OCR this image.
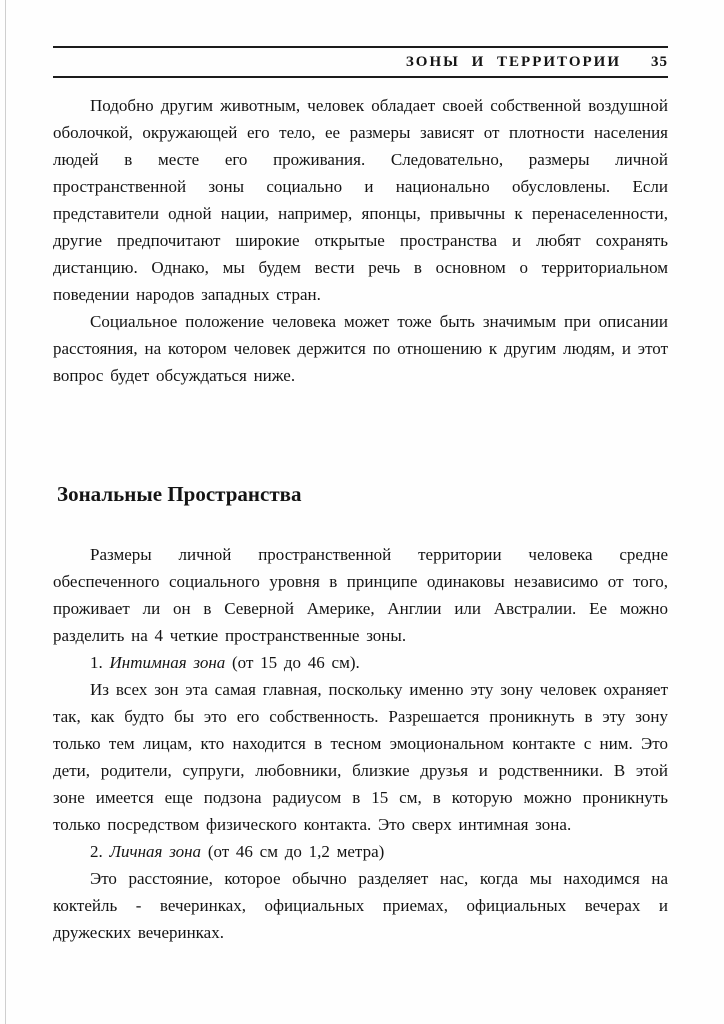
ЗОНЫ И ТЕРРИТОРИИ 35

Подобно другим животным, человек обладает своей собственной воздушной оболочкой, окружающей его тело, ее размеры зависят от плотности населения людей в месте его проживания. Следовательно, размеры личной пространственной зоны социально и национально обусловлены. Если представители одной нации, например, японцы, привычны к перенаселенности, другие предпочитают широкие открытые пространства и любят сохранять дистанцию. Однако, мы будем вести речь в основном о территориальном поведении народов западных стран.

Социальное положение человека может тоже быть значимым при описании расстояния, на котором человек держится по отношению к другим людям, и этот вопрос будет обсуждаться ниже.

Зональные Пространства

Размеры личной пространственной территории человека средне обеспеченного социального уровня в принципе одинаковы независимо от того, проживает ли он в Северной Америке, Англии или Австралии. Ее можно разделить на 4 четкие пространственные зоны.

1. Интимная зона (от 15 до 46 см).

Из всех зон эта самая главная, поскольку именно эту зону человек охраняет так, как будто бы это его собственность. Разрешается проникнуть в эту зону только тем лицам, кто находится в тесном эмоциональном контакте с ним. Это дети, родители, супруги, любовники, близкие друзья и родственники. В этой зоне имеется еще подзона радиусом в 15 см, в которую можно проникнуть только посредством физического контакта. Это сверх интимная зона.

2. Личная зона (от 46 см до 1,2 метра)

Это расстояние, которое обычно разделяет нас, когда мы находимся на коктейль - вечеринках, официальных приемах, официальных вечерах и дружеских вечеринках.
